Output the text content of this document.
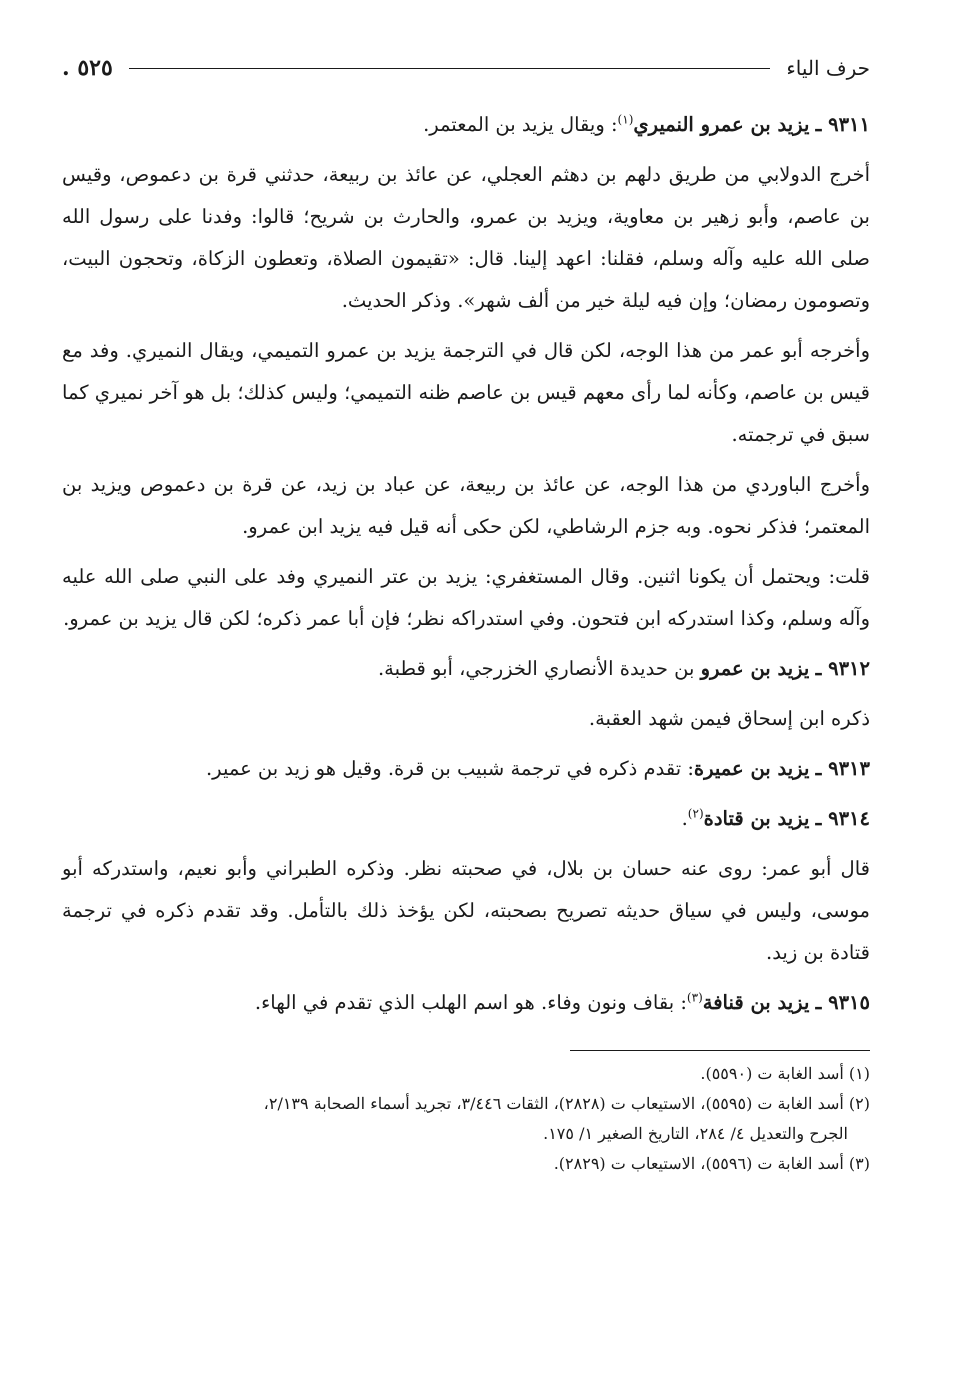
حرف الياء
٥٢٥ .

٩٣١١ ـ يزيد بن عمرو النميري$^{(١)}$: ويقال يزيد بن المعتمر.

أخرج الدولابي من طريق دلهم بن دهثم العجلي، عن عائذ بن ربيعة، حدثني قرة بن دعموص، وقيس بن عاصم، وأبو زهير بن معاوية، ويزيد بن عمرو، والحارث بن شريح؛ قالوا: وفدنا على رسول الله صلى الله عليه وآله وسلم، فقلنا: اعهد إلينا. قال: «تقيمون الصلاة، وتعطون الزكاة، وتحجون البيت، وتصومون رمضان؛ وإن فيه ليلة خير من ألف شهر». وذكر الحديث.

وأخرجه أبو عمر من هذا الوجه، لكن قال في الترجمة يزيد بن عمرو التميمي، ويقال النميري. وفد مع قيس بن عاصم، وكأنه لما رأى معهم قيس بن عاصم ظنه التميمي؛ وليس كذلك؛ بل هو آخر نميري كما سبق في ترجمته.

وأخرج الباوردي من هذا الوجه، عن عائذ بن ربيعة، عن عباد بن زيد، عن قرة بن دعموص ويزيد بن المعتمر؛ فذكر نحوه. وبه جزم الرشاطي، لكن حكى أنه قيل فيه يزيد ابن عمرو.

قلت: ويحتمل أن يكونا اثنين. وقال المستغفري: يزيد بن عتر النميري وفد على النبي صلى الله عليه وآله وسلم، وكذا استدركه ابن فتحون. وفي استدراكه نظر؛ فإن أبا عمر ذكره؛ لكن قال يزيد بن عمرو.

٩٣١٢ ـ يزيد بن عمرو بن حديدة الأنصاري الخزرجي، أبو قطبة.

ذكره ابن إسحاق فيمن شهد العقبة.

٩٣١٣ ـ يزيد بن عميرة: تقدم ذكره في ترجمة شبيب بن قرة. وقيل هو زيد بن عمير.

٩٣١٤ ـ يزيد بن قتادة$^{(٢)}$.

قال أبو عمر: روى عنه حسان بن بلال، في صحبته نظر. وذكره الطبراني وأبو نعيم، واستدركه أبو موسى، وليس في سياق حديثه تصريح بصحبته، لكن يؤخذ ذلك بالتأمل. وقد تقدم ذكره في ترجمة قتادة بن زيد.

٩٣١٥ ـ يزيد بن قنافة$^{(٣)}$: بقاف ونون وفاء. هو اسم الهلب الذي تقدم في الهاء.

(١) أسد الغابة ت (٥٥٩٠).

(٢) أسد الغابة ت (٥٥٩٥)، الاستيعاب ت (٢٨٢٨)، الثقات ٣/٤٤٦، تجريد أسماء الصحابة ٢/١٣٩،

الجرح والتعديل ٤/ ٢٨٤، التاريخ الصغير ١/ ١٧٥.

(٣) أسد الغابة ت (٥٥٩٦)، الاستيعاب ت (٢٨٢٩).
